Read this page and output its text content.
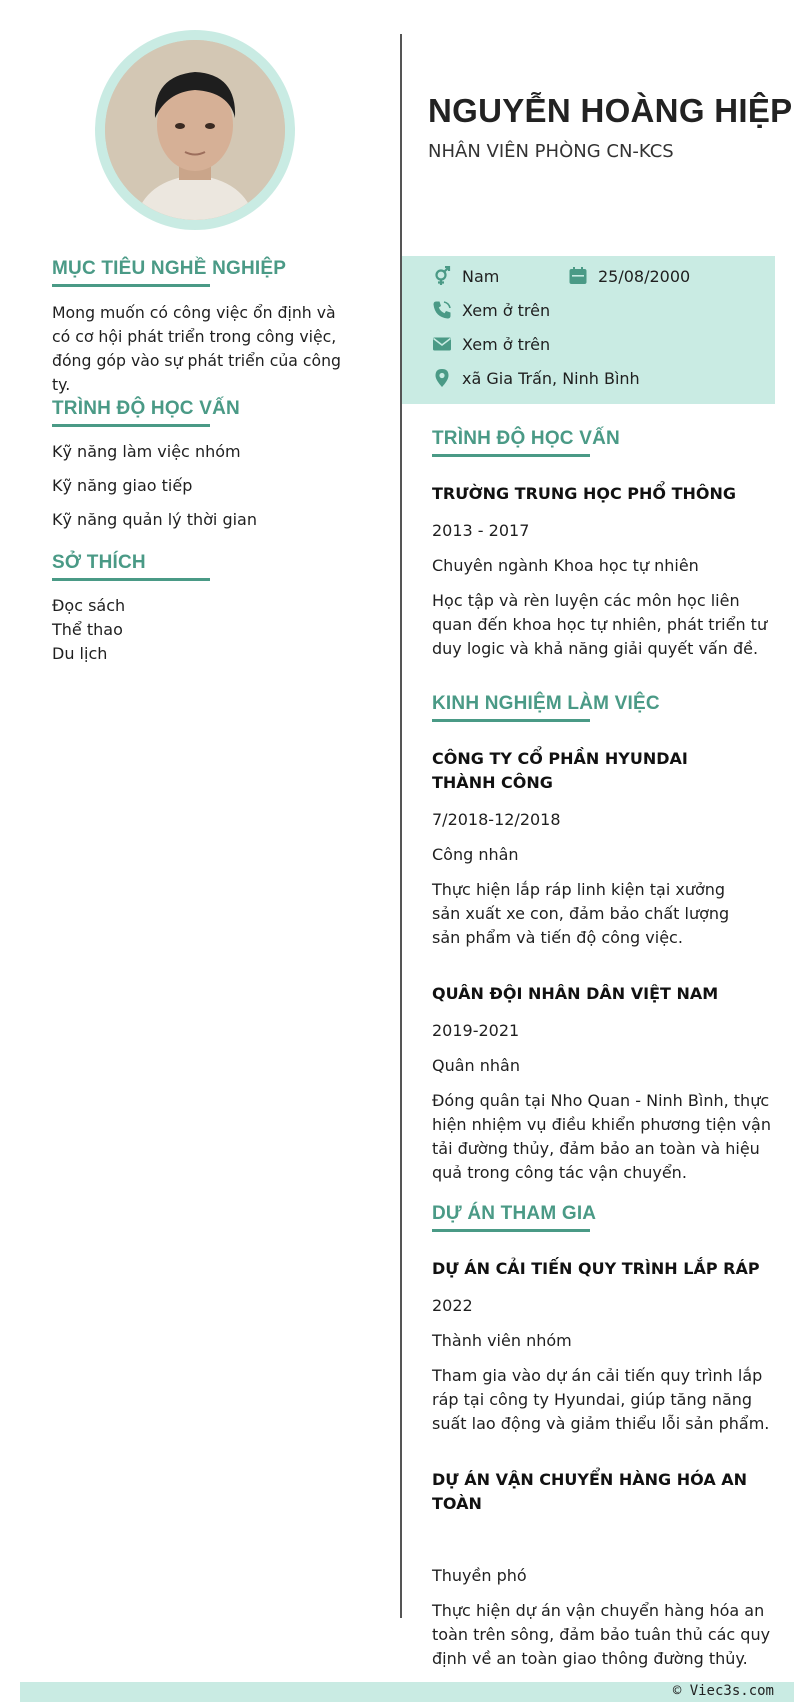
MỤC TIÊU NGHỀ NGHIỆP
Mong muốn có công việc ổn định và có cơ hội phát triển trong công việc, đóng góp vào sự phát triển của công ty.
TRÌNH ĐỘ HỌC VẤN
Kỹ năng làm việc nhóm
Kỹ năng giao tiếp
Kỹ năng quản lý thời gian
SỞ THÍCH
Đọc sách
Thể thao
Du lịch
NGUYỄN HOÀNG HIỆP
NHÂN VIÊN PHÒNG CN-KCS
Nam	25/08/2000
Xem ở trên
Xem ở trên
xã Gia Trấn, Ninh Bình
TRÌNH ĐỘ HỌC VẤN
TRƯỜNG TRUNG HỌC PHỔ THÔNG
2013 - 2017
Chuyên ngành Khoa học tự nhiên
Học tập và rèn luyện các môn học liên quan đến khoa học tự nhiên, phát triển tư duy logic và khả năng giải quyết vấn đề.
KINH NGHIỆM LÀM VIỆC
CÔNG TY CỔ PHẦN HYUNDAI THÀNH CÔNG
7/2018-12/2018
Công nhân
Thực hiện lắp ráp linh kiện tại xưởng sản xuất xe con, đảm bảo chất lượng sản phẩm và tiến độ công việc.
QUÂN ĐỘI NHÂN DÂN VIỆT NAM
2019-2021
Quân nhân
Đóng quân tại Nho Quan - Ninh Bình, thực hiện nhiệm vụ điều khiển phương tiện vận tải đường thủy, đảm bảo an toàn và hiệu quả trong công tác vận chuyển.
DỰ ÁN THAM GIA
DỰ ÁN CẢI TIẾN QUY TRÌNH LẮP RÁP
2022
Thành viên nhóm
Tham gia vào dự án cải tiến quy trình lắp ráp tại công ty Hyundai, giúp tăng năng suất lao động và giảm thiểu lỗi sản phẩm.
DỰ ÁN VẬN CHUYỂN HÀNG HÓA AN TOÀN
Thuyền phó
Thực hiện dự án vận chuyển hàng hóa an toàn trên sông, đảm bảo tuân thủ các quy định về an toàn giao thông đường thủy.
© Viec3s.com
